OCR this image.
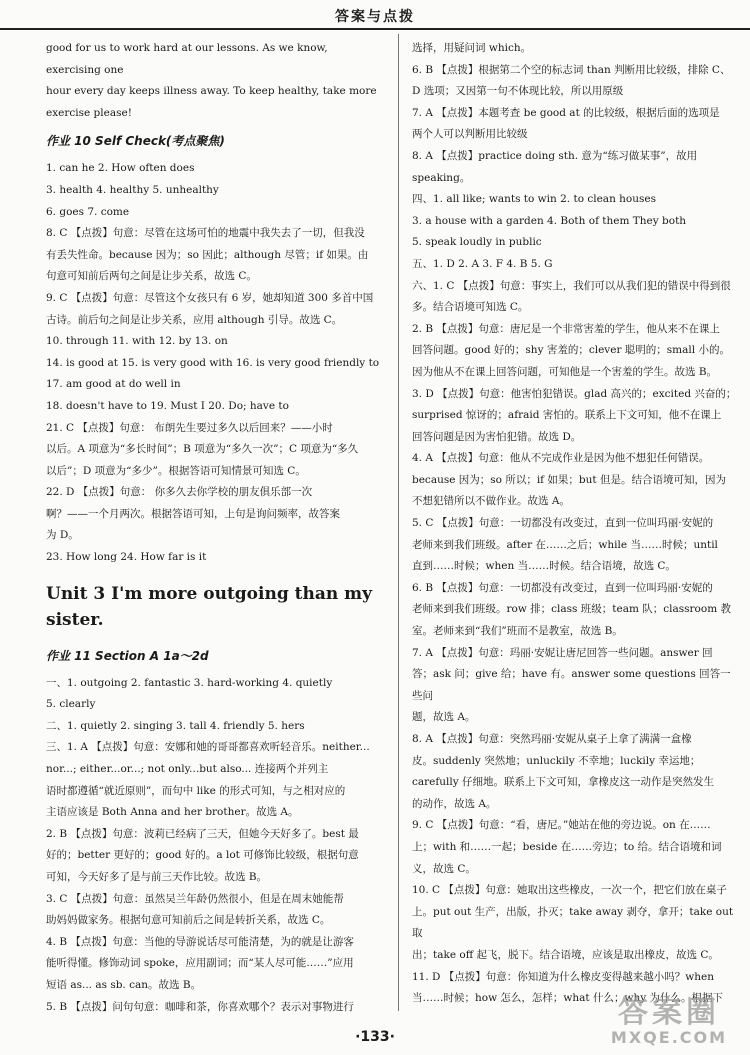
答案与点拨
good for us to work hard at our lessons. As we know, exercising one
hour every day keeps illness away. To keep healthy, take more
exercise please!
作业 10 Self Check(考点聚焦)
1. can he 2. How often does
3. health 4. healthy 5. unhealthy
6. goes 7. come
8. C 【点拨】句意：尽管在这场可怕的地震中我失去了一切，但我没
有丢失性命。because 因为；so 因此；although 尽管；if 如果。由
句意可知前后两句之间是让步关系，故选 C。
9. C 【点拨】句意：尽管这个女孩只有 6 岁，她却知道 300 多首中国
古诗。前后句之间是让步关系，应用 although 引导。故选 C。
10. through 11. with 12. by 13. on
14. is good at 15. is very good with 16. is very good friendly to
17. am good at do well in
18. doesn't have to 19. Must I 20. Do; have to
21. C 【点拨】句意： 布朗先生要过多久以后回来？——小时
以后。A 项意为“多长时间”；B 项意为“多久一次”；C 项意为“多久
以后”；D 项意为“多少”。根据答语可知情景可知选 C。
22. D 【点拨】句意： 你多久去你学校的朋友俱乐部一次
啊？——一个月两次。根据答语可知，上句是询问频率，故答案
为 D。
23. How long 24. How far is it
Unit 3 I'm more outgoing than my sister.
作业 11 Section A 1a～2d
一、1. outgoing 2. fantastic 3. hard-working 4. quietly
5. clearly
二、1. quietly 2. singing 3. tall 4. friendly 5. hers
三、1. A 【点拨】句意：安娜和她的哥哥都喜欢听轻音乐。neither...
nor...; either...or...; not only...but also... 连接两个并列主
语时都遵循“就近原则”，而句中 like 的形式可知，与之相对应的
主语应该是 Both Anna and her brother。故选 A。
2. B 【点拨】句意：波莉已经病了三天，但她今天好多了。best 最
好的；better 更好的；good 好的。a lot 可修饰比较级，根据句意
可知，今天好多了是与前三天作比较。故选 B。
3. C 【点拨】句意：虽然吴兰年龄仍然很小，但是在周末她能帮
助妈妈做家务。根据句意可知前后之间是转折关系，故选 C。
4. B 【点拨】句意：当他的导游说话尽可能清楚，为的就是让游客
能听得懂。修饰动词 spoke，应用副词；而“某人尽可能……”应用
短语 as... as sb. can。故选 B。
5. B 【点拨】问句句意：咖啡和茶，你喜欢哪个？表示对事物进行
选择，用疑问词 which。
6. B 【点拨】根据第二个空的标志词 than 判断用比较级，排除 C、
D 选项；又因第一句不体现比较，所以用原级
7. A 【点拨】本题考查 be good at 的比较级，根据后面的选项是
两个人可以判断用比较级
8. A 【点拨】practice doing sth. 意为“练习做某事”，故用
speaking。
四、1. all like; wants to win 2. to clean houses
3. a house with a garden 4. Both of them They both
5. speak loudly in public
五、1. D 2. A 3. F 4. B 5. G
六、1. C 【点拨】句意：事实上，我们可以从我们犯的错误中得到很
多。结合语境可知选 C。
2. B 【点拨】句意：唐尼是一个非常害羞的学生，他从来不在课上
回答问题。good 好的；shy 害羞的；clever 聪明的；small 小的。
因为他从不在课上回答问题，可知他是一个害羞的学生。故选 B。
3. D 【点拨】句意：他害怕犯错误。glad 高兴的；excited 兴奋的；
surprised 惊讶的；afraid 害怕的。联系上下文可知，他不在课上
回答问题是因为害怕犯错。故选 D。
4. A 【点拨】句意：他从不完成作业是因为他不想犯任何错误。
because 因为；so 所以；if 如果；but 但是。结合语境可知，因为
不想犯错所以不做作业。故选 A。
5. C 【点拨】句意：一切都没有改变过，直到一位叫玛丽·安妮的
老师来到我们班级。after 在……之后；while 当……时候；until
直到……时候；when 当……时候。结合语境，故选 C。
6. B 【点拨】句意：一切都没有改变过，直到一位叫玛丽·安妮的
老师来到我们班级。row 排；class 班级；team 队；classroom 教
室。老师来到“我们”班而不是教室，故选 B。
7. A 【点拨】句意：玛丽·安妮让唐尼回答一些问题。answer 回
答；ask 问；give 给；have 有。answer some questions 回答一些问
题，故选 A。
8. A 【点拨】句意：突然玛丽·安妮从桌子上拿了满满一盒橡
皮。suddenly 突然地；unluckily 不幸地；luckily 幸运地；
carefully 仔细地。联系上下文可知，拿橡皮这一动作是突然发生
的动作，故选 A。
9. C 【点拨】句意：“看，唐尼。”她站在他的旁边说。on 在……
上；with 和……一起；beside 在……旁边；to 给。结合语境和词
义，故选 C。
10. C 【点拨】句意：她取出这些橡皮，一次一个，把它们放在桌子
上。put out 生产，出版，扑灭；take away 剥夺，拿开；take out 取
出；take off 起飞，脱下。结合语境，应该是取出橡皮，故选 C。
11. D 【点拨】句意：你知道为什么橡皮变得越来越小吗？when
当……时候；how 怎么，怎样；what 什么；why 为什么。根据下
·133·
答案圈
MXQE.COM
